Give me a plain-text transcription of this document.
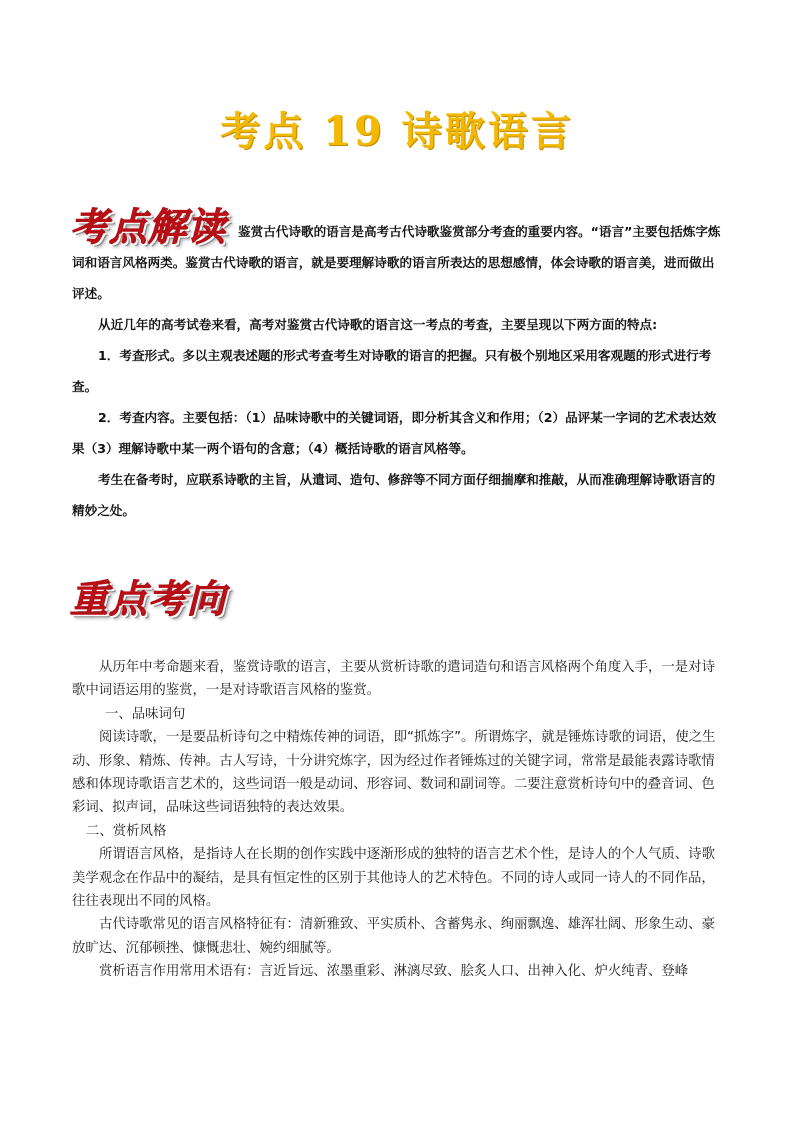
考点 19 诗歌语言
考点解读 鉴赏古代诗歌的语言是高考古代诗歌鉴赏部分考查的重要内容。“语言”主要包括炼字炼词和语言风格两类。鉴赏古代诗歌的语言，就是要理解诗歌的语言所表达的思想感情，体会诗歌的语言美，进而做出评述。

从近几年的高考试卷来看，高考对鉴赏古代诗歌的语言这一考点的考查，主要呈现以下两方面的特点:

1．考查形式。多以主观表述题的形式考查考生对诗歌的语言的把握。只有极个别地区采用客观题的形式进行考查。

2．考查内容。主要包括：（1）品味诗歌中的关键词语，即分析其含义和作用；（2）品评某一字词的艺术表达效果（3）理解诗歌中某一两个语句的含意；（4）概括诗歌的语言风格等。

考生在备考时，应联系诗歌的主旨，从遣词、造句、修辞等不同方面仔细揣摩和推敲，从而准确理解诗歌语言的精妙之处。

重点考向

从历年中考命题来看，鉴赏诗歌的语言，主要从赏析诗歌的遣词造句和语言风格两个角度入手，一是对诗歌中词语运用的鉴赏，一是对诗歌语言风格的鉴赏。

一、品味词句

阅读诗歌，一是要品析诗句之中精炼传神的词语，即“抓炼字”。所谓炼字，就是锤炼诗歌的词语，使之生动、形象、精炼、传神。古人写诗，十分讲究炼字，因为经过作者锤炼过的关键字词，常常是最能表露诗歌情感和体现诗歌语言艺术的，这些词语一般是动词、形容词、数词和副词等。二要注意赏析诗句中的叠音词、色彩词、拟声词，品味这些词语独特的表达效果。

二、赏析风格

所谓语言风格，是指诗人在长期的创作实践中逐渐形成的独特的语言艺术个性，是诗人的个人气质、诗歌美学观念在作品中的凝结，是具有恒定性的区别于其他诗人的艺术特色。不同的诗人或同一诗人的不同作品，往往表现出不同的风格。

古代诗歌常见的语言风格特征有：清新雅致、平实质朴、含蓄隽永、绚丽飘逸、雄浑壮阔、形象生动、豪放旷达、沉郁顿挫、慷慨悲壮、婉约细腻等。

赏析语言作用常用术语有：言近旨远、浓墨重彩、淋漓尽致、脍炙人口、出神入化、炉火纯青、登峰
